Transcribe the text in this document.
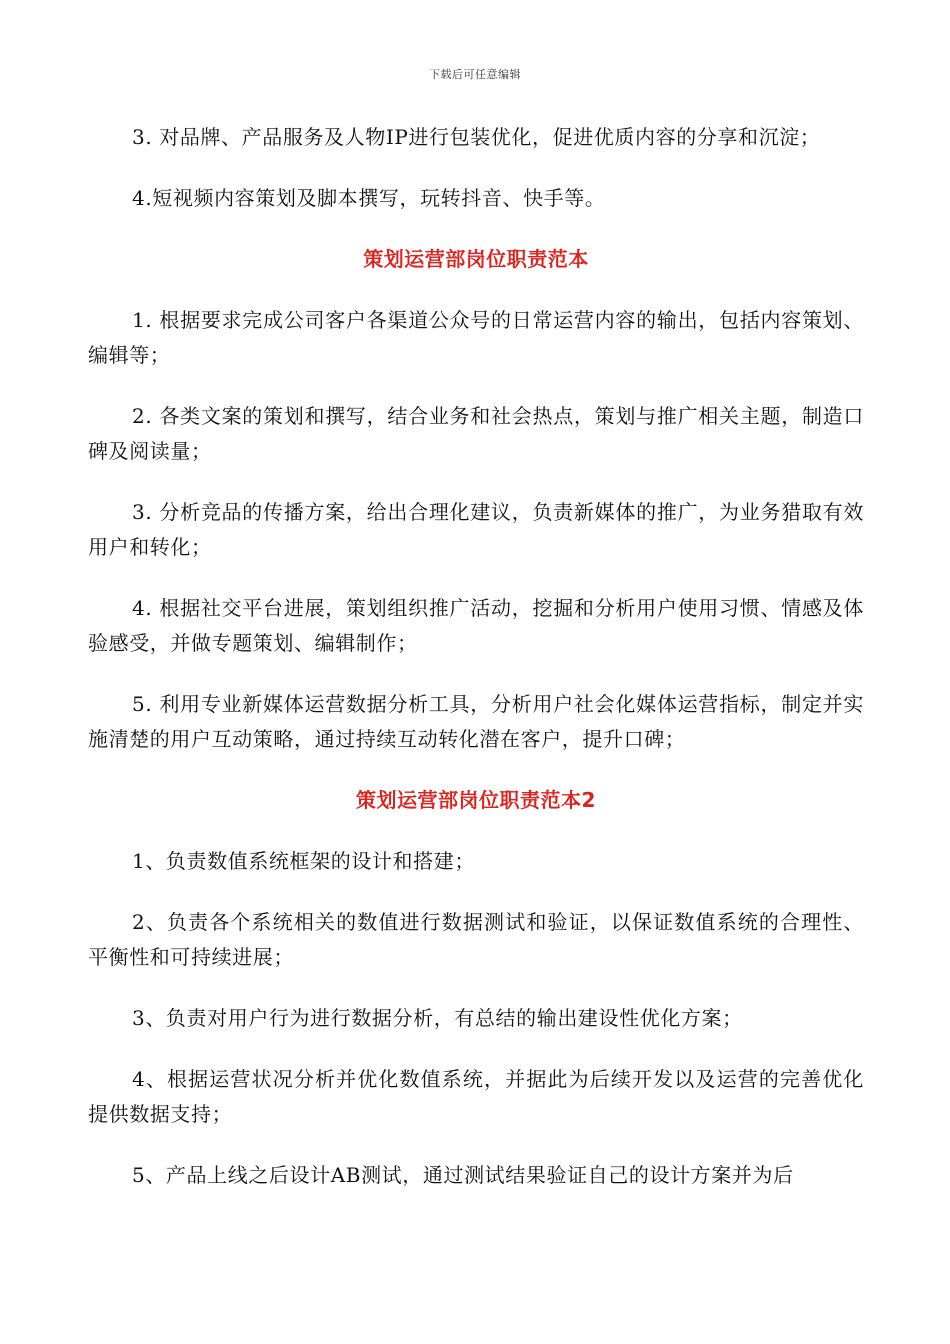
下载后可任意编辑

3. 对品牌、产品服务及人物IP进行包装优化，促进优质内容的分享和沉淀；

4.短视频内容策划及脚本撰写，玩转抖音、快手等。

策划运营部岗位职责范本

1. 根据要求完成公司客户各渠道公众号的日常运营内容的输出，包括内容策划、编辑等；

2. 各类文案的策划和撰写，结合业务和社会热点，策划与推广相关主题，制造口碑及阅读量；

3. 分析竞品的传播方案，给出合理化建议，负责新媒体的推广，为业务猎取有效用户和转化；

4. 根据社交平台进展，策划组织推广活动，挖掘和分析用户使用习惯、情感及体验感受，并做专题策划、编辑制作；

5. 利用专业新媒体运营数据分析工具，分析用户社会化媒体运营指标，制定并实施清楚的用户互动策略，通过持续互动转化潜在客户，提升口碑；

策划运营部岗位职责范本2

1、负责数值系统框架的设计和搭建；

2、负责各个系统相关的数值进行数据测试和验证，以保证数值系统的合理性、平衡性和可持续进展；

3、负责对用户行为进行数据分析，有总结的输出建设性优化方案；

4、根据运营状况分析并优化数值系统，并据此为后续开发以及运营的完善优化提供数据支持；

5、产品上线之后设计AB测试，通过测试结果验证自己的设计方案并为后
